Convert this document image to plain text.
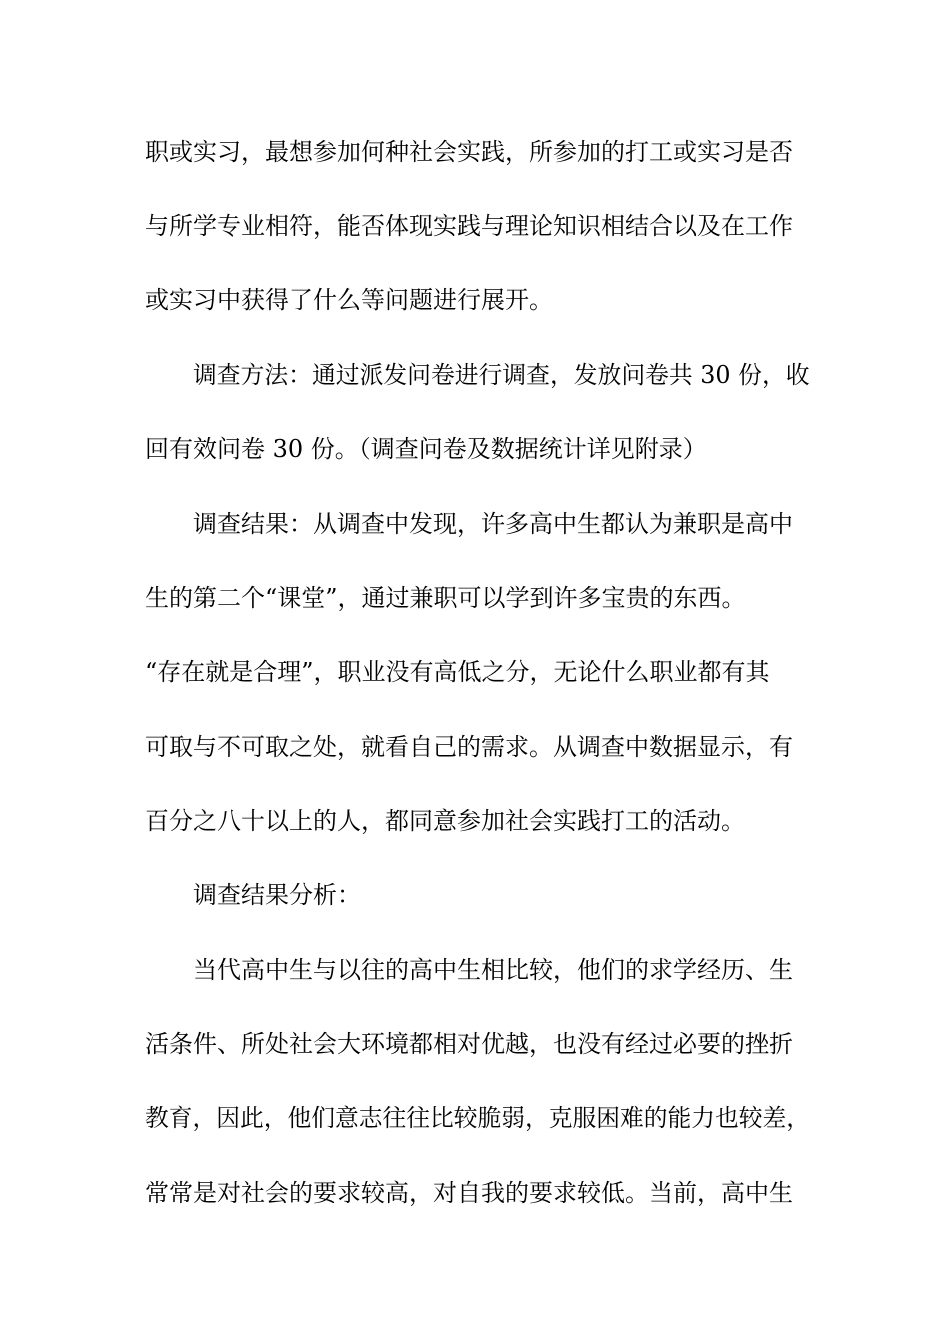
职或实习，最想参加何种社会实践，所参加的打工或实习是否
与所学专业相符，能否体现实践与理论知识相结合以及在工作
或实习中获得了什么等问题进行展开。
调查方法：通过派发问卷进行调查，发放问卷共 30 份，收
回有效问卷 30 份。（调查问卷及数据统计详见附录）
调查结果：从调查中发现，许多高中生都认为兼职是高中
生的第二个“课堂”，通过兼职可以学到许多宝贵的东西。
“存在就是合理”，职业没有高低之分，无论什么职业都有其
可取与不可取之处，就看自己的需求。从调查中数据显示，有
百分之八十以上的人，都同意参加社会实践打工的活动。
调查结果分析：
当代高中生与以往的高中生相比较，他们的求学经历、生
活条件、所处社会大环境都相对优越，也没有经过必要的挫折
教育，因此，他们意志往往比较脆弱，克服困难的能力也较差，
常常是对社会的要求较高，对自我的要求较低。当前，高中生
